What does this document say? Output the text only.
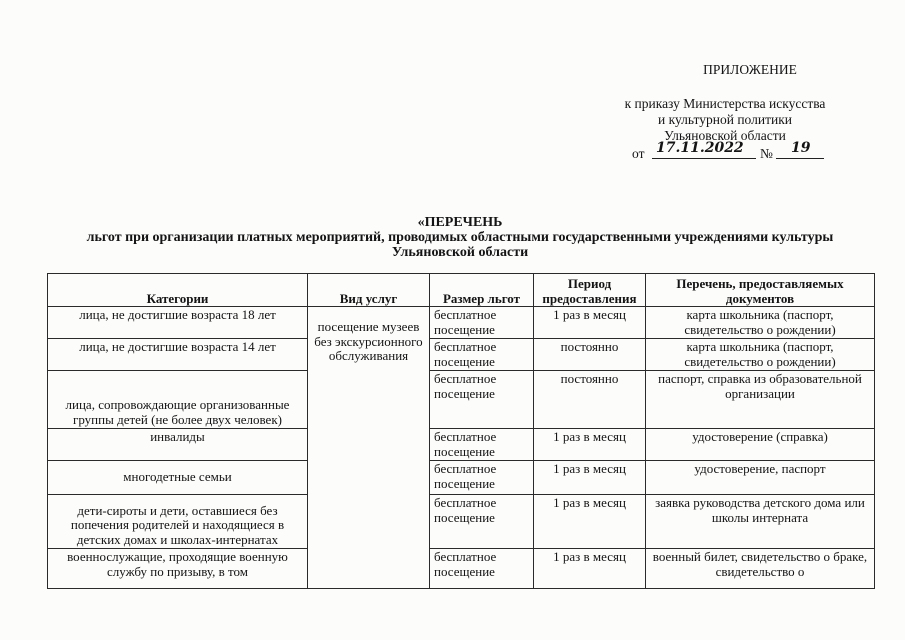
ПРИЛОЖЕНИЕ
к приказу Министерства искусства
и культурной политики
Ульяновской области
от 17.11.2022 № 19
«ПЕРЕЧЕНЬ
льгот при организации платных мероприятий, проводимых областными государственными учреждениями культуры
Ульяновской области
Категории	Вид услуг	Размер льгот	Период предоставления	Перечень, предоставляемых документов
лица, не достигшие возраста 18 лет	посещение музеев без экскурсионного обслуживания	бесплатное посещение	1 раз в месяц	карта школьника (паспорт, свидетельство о рождении)
лица, не достигшие возраста 14 лет		бесплатное посещение	постоянно	карта школьника (паспорт, свидетельство о рождении)
лица, сопровождающие организованные группы детей (не более двух человек)		бесплатное посещение	постоянно	паспорт, справка из образовательной организации
инвалиды		бесплатное посещение	1 раз в месяц	удостоверение (справка)
многодетные семьи		бесплатное посещение	1 раз в месяц	удостоверение, паспорт
дети-сироты и дети, оставшиеся без попечения родителей и находящиеся в детских домах и школах-интернатах		бесплатное посещение	1 раз в месяц	заявка руководства детского дома или школы интерната
военнослужащие, проходящие военную службу по призыву, в том		бесплатное посещение	1 раз в месяц	военный билет, свидетельство о браке, свидетельство о
